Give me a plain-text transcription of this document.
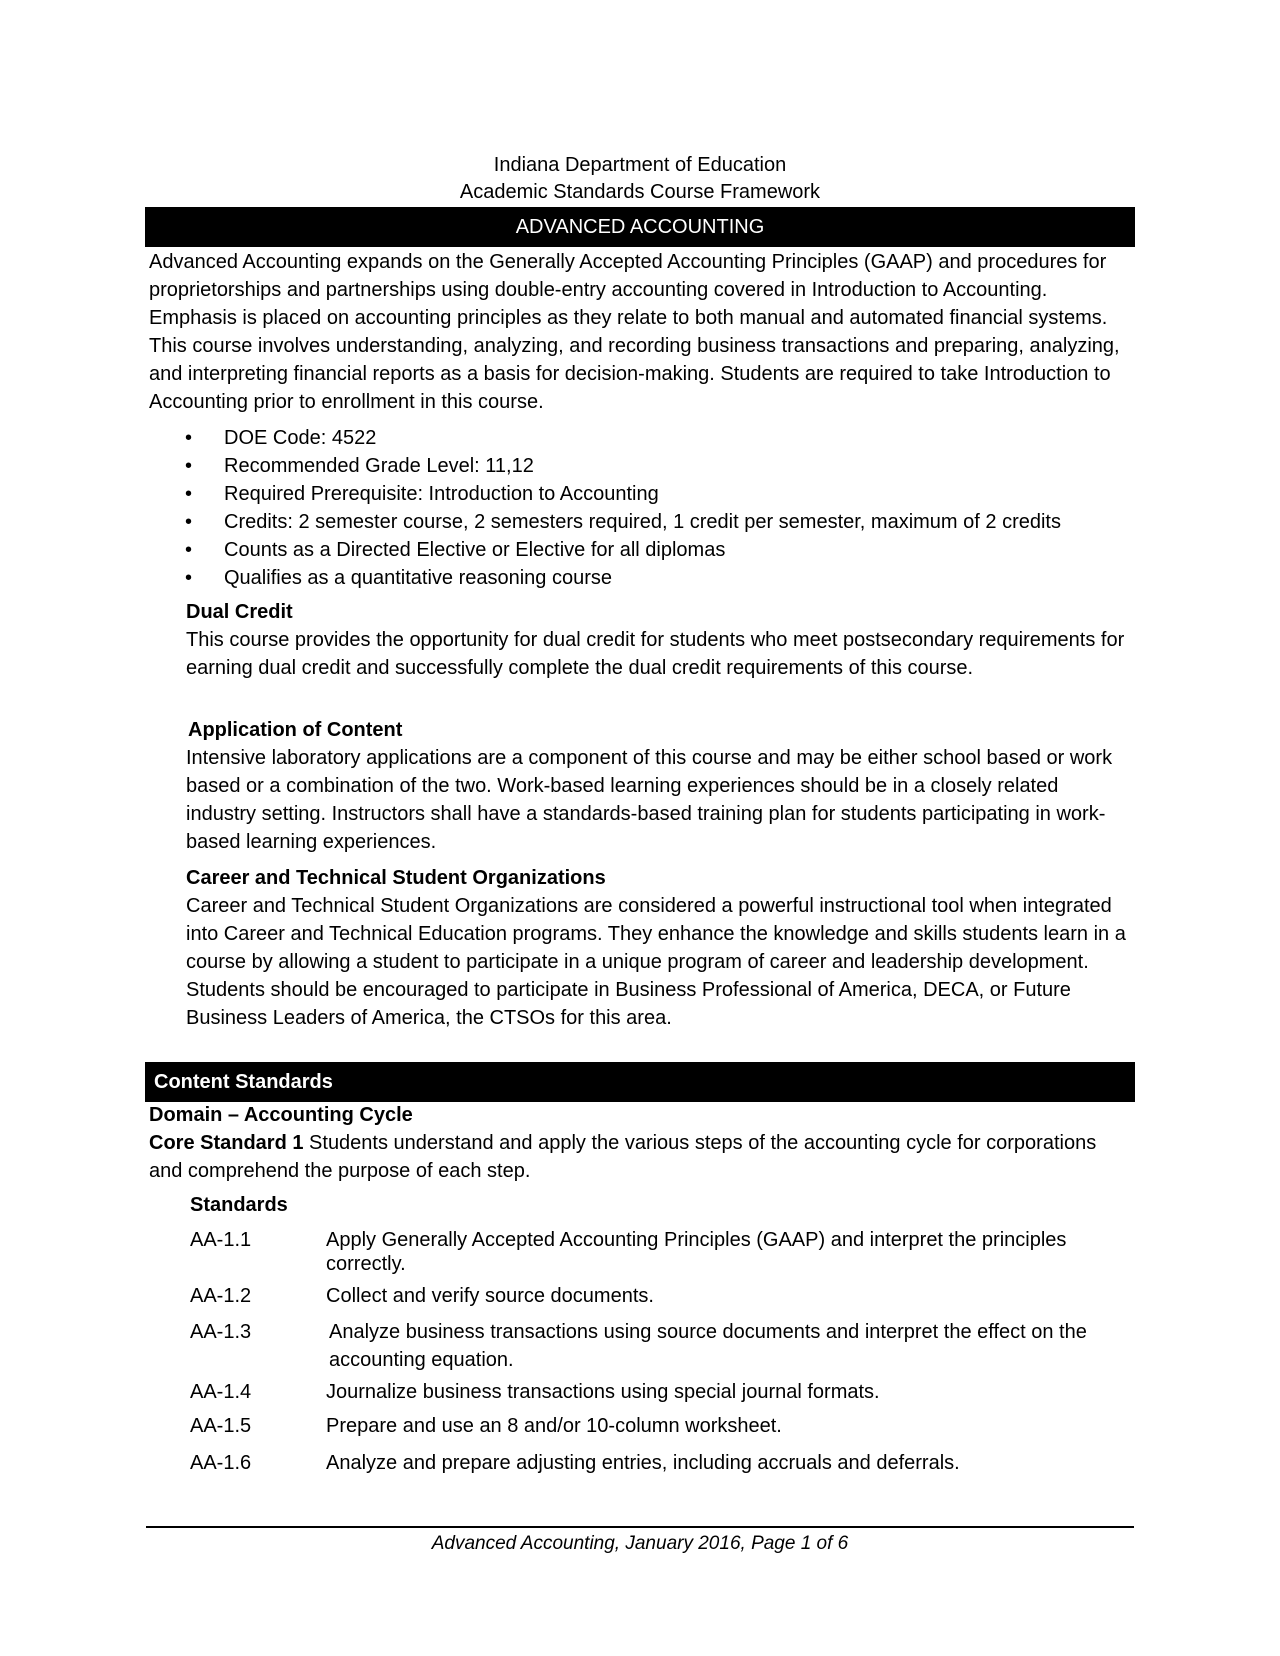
Indiana Department of Education
Academic Standards Course Framework
ADVANCED ACCOUNTING

Advanced Accounting expands on the Generally Accepted Accounting Principles (GAAP) and procedures for proprietorships and partnerships using double-entry accounting covered in Introduction to Accounting. Emphasis is placed on accounting principles as they relate to both manual and automated financial systems. This course involves understanding, analyzing, and recording business transactions and preparing, analyzing, and interpreting financial reports as a basis for decision-making. Students are required to take Introduction to Accounting prior to enrollment in this course.

• DOE Code: 4522
• Recommended Grade Level: 11,12
• Required Prerequisite: Introduction to Accounting
• Credits: 2 semester course, 2 semesters required, 1 credit per semester, maximum of 2 credits
• Counts as a Directed Elective or Elective for all diplomas
• Qualifies as a quantitative reasoning course
Dual Credit

This course provides the opportunity for dual credit for students who meet postsecondary requirements for earning dual credit and successfully complete the dual credit requirements of this course.

Application of Content

Intensive laboratory applications are a component of this course and may be either school based or work based or a combination of the two. Work-based learning experiences should be in a closely related industry setting. Instructors shall have a standards-based training plan for students participating in work-based learning experiences.

Career and Technical Student Organizations

Career and Technical Student Organizations are considered a powerful instructional tool when integrated into Career and Technical Education programs. They enhance the knowledge and skills students learn in a course by allowing a student to participate in a unique program of career and leadership development. Students should be encouraged to participate in Business Professional of America, DECA, or Future Business Leaders of America, the CTSOs for this area.

Content Standards
Domain – Accounting Cycle

Core Standard 1 Students understand and apply the various steps of the accounting cycle for corporations and comprehend the purpose of each step.

Standards
AA-1.1	Apply Generally Accepted Accounting Principles (GAAP) and interpret the principles correctly.
AA-1.2	Collect and verify source documents.
AA-1.3	Analyze business transactions using source documents and interpret the effect on the accounting equation.
AA-1.4	Journalize business transactions using special journal formats.
AA-1.5	Prepare and use an 8 and/or 10-column worksheet.
AA-1.6	Analyze and prepare adjusting entries, including accruals and deferrals.
Advanced Accounting, January 2016, Page 1 of 6
